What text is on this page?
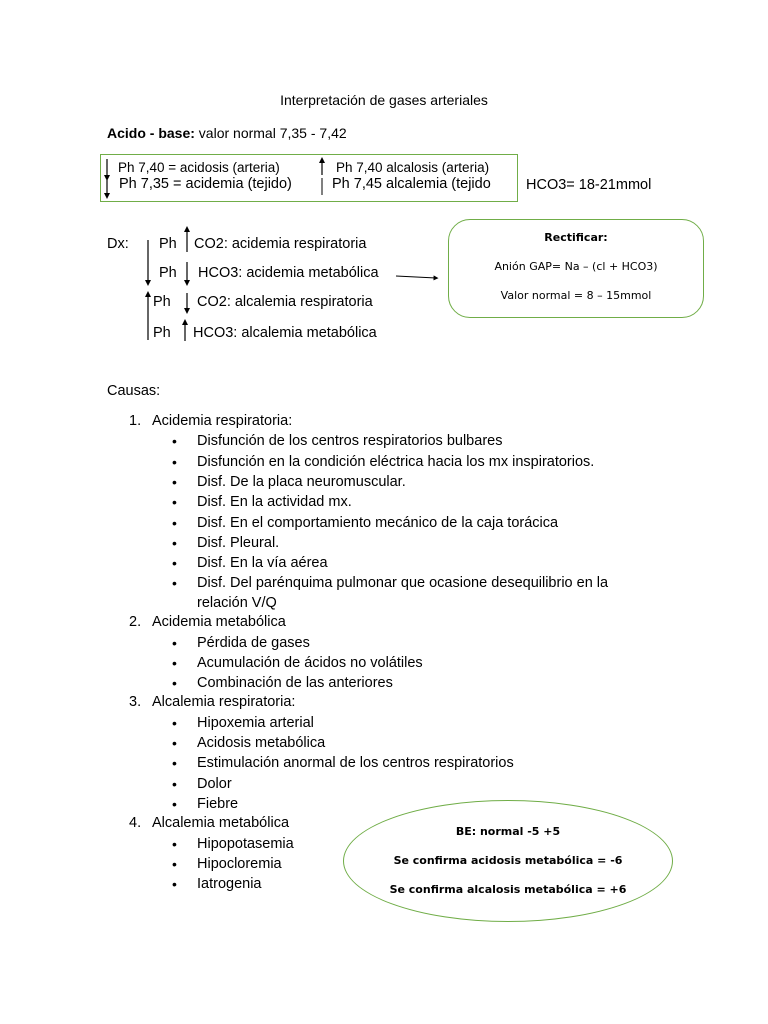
Interpretación de gases arteriales
Acido - base: valor normal 7,35 - 7,42
Ph 7,40 = acidosis (arteria)
Ph 7,35 = acidemia (tejido)
Ph 7,40 alcalosis (arteria)
Ph 7,45 alcalemia (tejido HCO3= 18-21mmol
Dx: Ph CO2: acidemia respiratoria
Ph HCO3: acidemia metabólica
Ph CO2: alcalemia respiratoria
Ph HCO3: alcalemia metabólica
Rectificar:
Anión GAP= Na – (cl + HCO3)
Valor normal = 8 – 15mmol
Causas:
1. Acidemia respiratoria:
• Disfunción de los centros respiratorios bulbares
• Disfunción en la condición eléctrica hacia los mx inspiratorios.
• Disf. De la placa neuromuscular.
• Disf. En la actividad mx.
• Disf. En el comportamiento mecánico de la caja torácica
• Disf. Pleural.
• Disf. En la vía aérea
• Disf. Del parénquima pulmonar que ocasione desequilibrio en la
relación V/Q
2. Acidemia metabólica
• Pérdida de gases
• Acumulación de ácidos no volátiles
• Combinación de las anteriores
3. Alcalemia respiratoria:
• Hipoxemia arterial
• Acidosis metabólica
• Estimulación anormal de los centros respiratorios
• Dolor
• Fiebre
4. Alcalemia metabólica
• Hipopotasemia
• Hipocloremia
• Iatrogenia
BE: normal -5 +5
Se confirma acidosis metabólica = -6
Se confirma alcalosis metabólica = +6
